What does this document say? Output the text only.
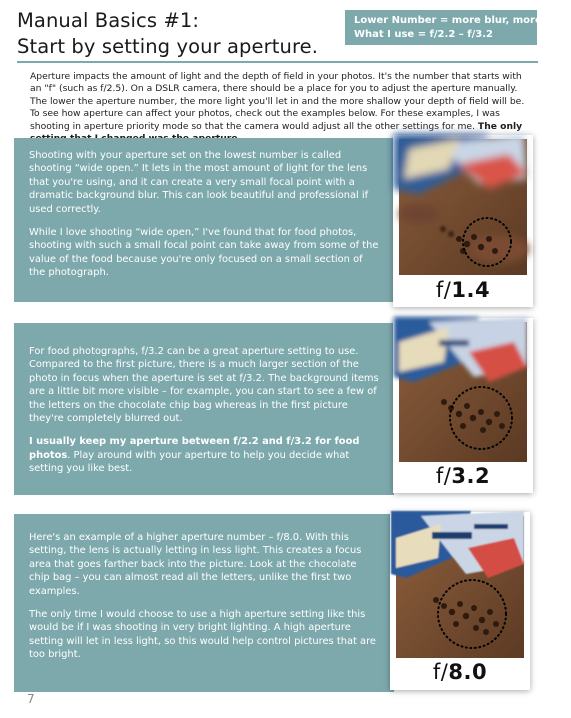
Manual Basics #1:
Start by setting your aperture.
Lower Number = more blur, more light
What I use = f/2.2 – f/3.2
Aperture impacts the amount of light and the depth of field in your photos. It's the number that starts with an "f" (such as f/2.5). On a DSLR camera, there should be a place for you to adjust the aperture manually. The lower the aperture number, the more light you'll let in and the more shallow your depth of field will be. To see how aperture can affect your photos, check out the examples below. For these examples, I was shooting in aperture priority mode so that the camera would adjust all the other settings for me. The only

Shooting with your aperture set on the lowest number is called shooting “wide open.” It lets in the most amount of light for the lens that you're using, and it can create a very small focal point with a dramatic background blur. This can look beautiful and professional if used correctly.

While I love shooting “wide open,” I've found that for food photos, shooting with such a small focal point can take away from some of the value of the food because you're only focused on a small section of the photograph.

f/1.4

For food photographs, f/3.2 can be a great aperture setting to use. Compared to the first picture, there is a much larger section of the photo in focus when the aperture is set at f/3.2. The background items are a little bit more visible – for example, you can start to see a few of the letters on the chocolate chip bag whereas in the first picture they're completely blurred out.

I usually keep my aperture between f/2.2 and f/3.2 for food photos. Play around with your aperture to help you decide what setting you like best.	f/3.2

Here's an example of a higher aperture number – f/8.0. With this setting, the lens is actually letting in less light. This creates a focus area that goes farther back into the picture. Look at the chocolate chip bag – you can almost read all the letters, unlike the first two examples.

The only time I would choose to use a high aperture setting like this would be if I was shooting in very bright lighting. A high aperture setting will let in less light, so this would help control pictures that are too bright.

f/8.0
7
